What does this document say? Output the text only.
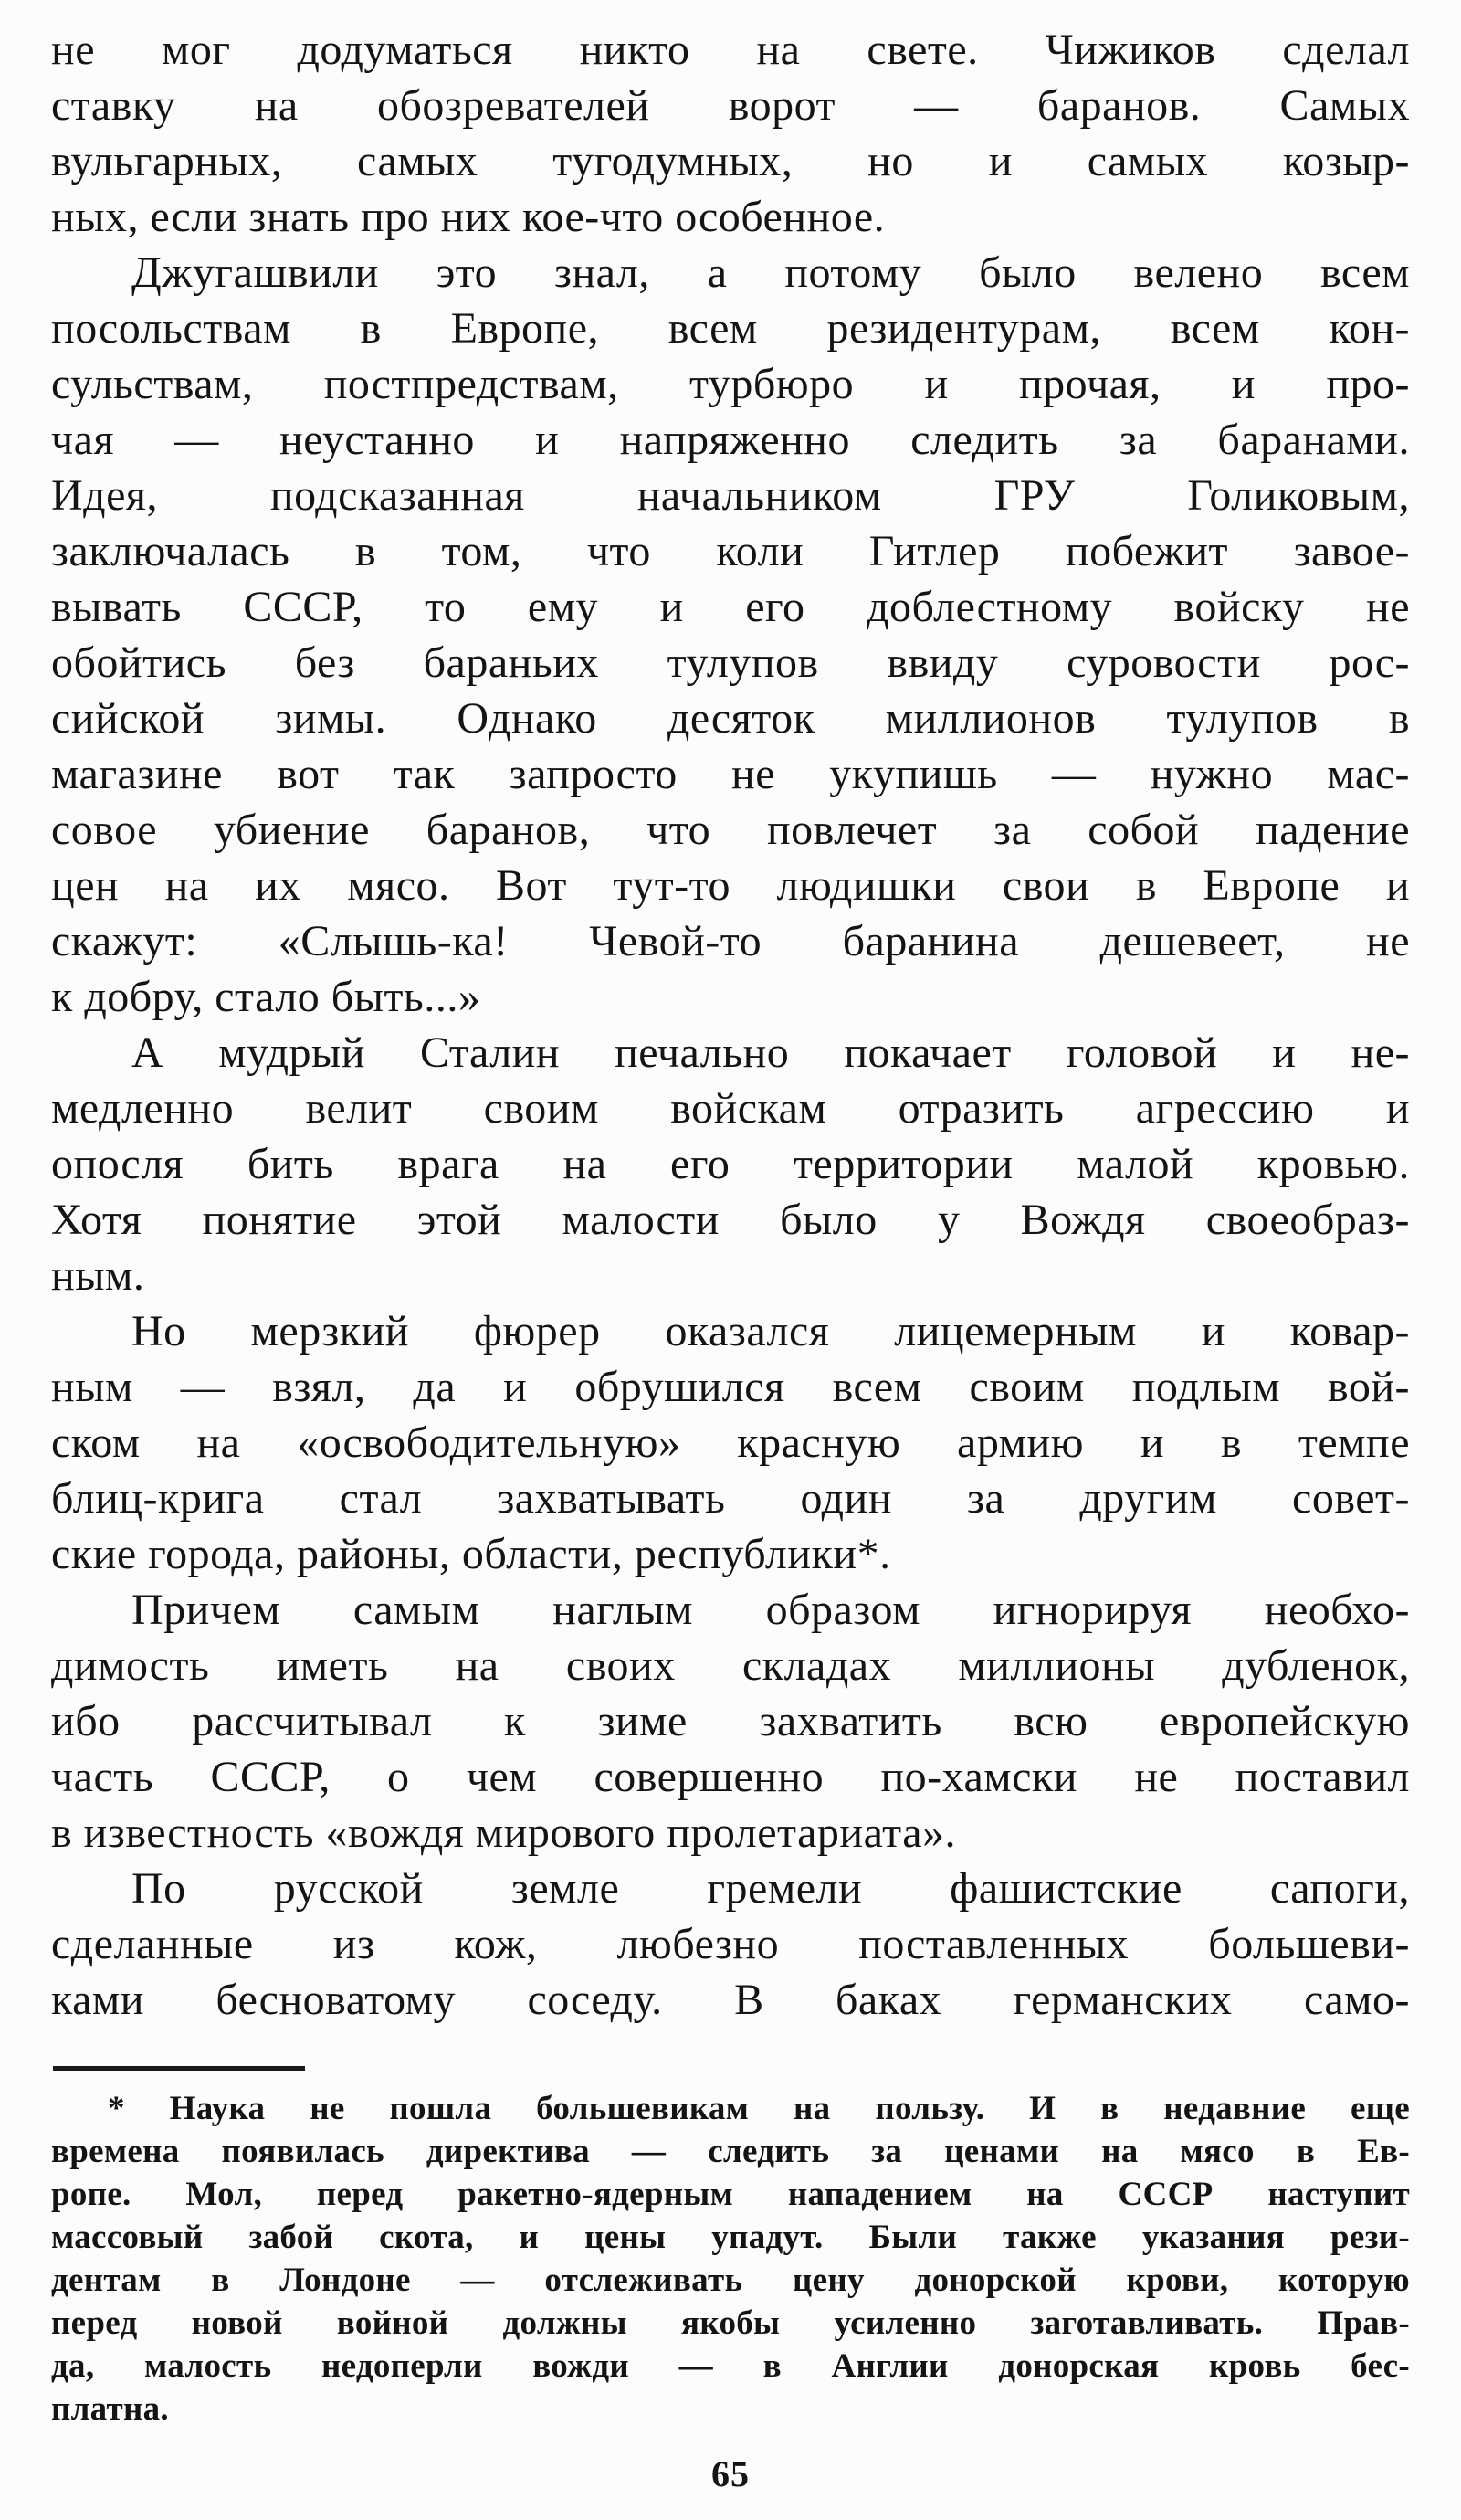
не мог додуматься никто на свете. Чижиков сделал
ставку на обозревателей ворот — баранов. Самых
вульгарных, самых тугодумных, но и самых козыр-
ных, если знать про них кое-что особенное.
Джугашвили это знал, а потому было велено всем
посольствам в Европе, всем резидентурам, всем кон-
сульствам, постпредствам, турбюро и прочая, и про-
чая — неустанно и напряженно следить за баранами.
Идея, подсказанная начальником ГРУ Голиковым,
заключалась в том, что коли Гитлер побежит завое-
вывать СССР, то ему и его доблестному войску не
обойтись без бараньих тулупов ввиду суровости рос-
сийской зимы. Однако десяток миллионов тулупов в
магазине вот так запросто не укупишь — нужно мас-
совое убиение баранов, что повлечет за собой падение
цен на их мясо. Вот тут-то людишки свои в Европе и
скажут: «Слышь-ка! Чевой-то баранина дешевеет, не
к добру, стало быть...»
А мудрый Сталин печально покачает головой и не-
медленно велит своим войскам отразить агрессию и
опосля бить врага на его территории малой кровью.
Хотя понятие этой малости было у Вождя своеобраз-
ным.
Но мерзкий фюрер оказался лицемерным и ковар-
ным — взял, да и обрушился всем своим подлым вой-
ском на «освободительную» красную армию и в темпе
блиц-крига стал захватывать один за другим совет-
ские города, районы, области, республики*.
Причем самым наглым образом игнорируя необхо-
димость иметь на своих складах миллионы дубленок,
ибо рассчитывал к зиме захватить всю европейскую
часть СССР, о чем совершенно по-хамски не поставил
в известность «вождя мирового пролетариата».
По русской земле гремели фашистские сапоги,
сделанные из кож, любезно поставленных большеви-
ками бесноватому соседу. В баках германских само-
* Наука не пошла большевикам на пользу. И в недавние еще
времена появилась директива — следить за ценами на мясо в Ев-
ропе. Мол, перед ракетно-ядерным нападением на СССР наступит
массовый забой скота, и цены упадут. Были также указания рези-
дентам в Лондоне — отслеживать цену донорской крови, которую
перед новой войной должны якобы усиленно заготавливать. Прав-
да, малость недоперли вожди — в Англии донорская кровь бес-
платна.
65
